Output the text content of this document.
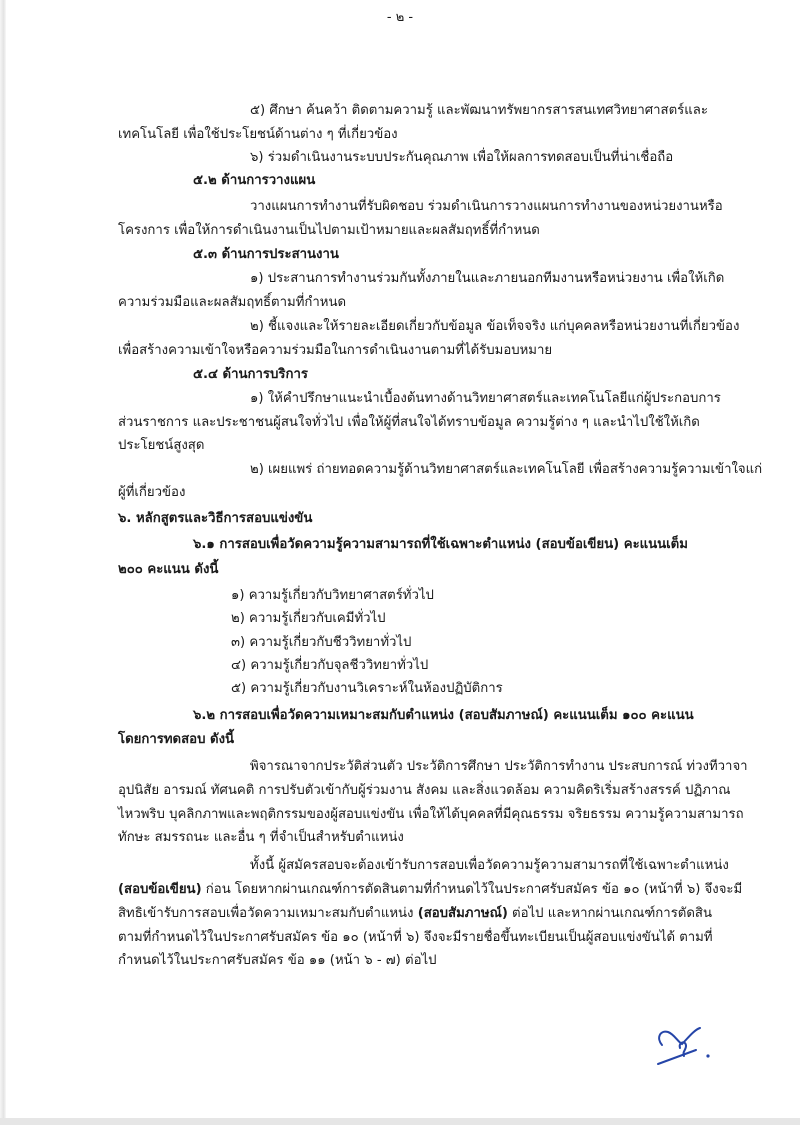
- ๒ -
๕) ศึกษา ค้นคว้า ติดตามความรู้ และพัฒนาทรัพยากรสารสนเทศวิทยาศาสตร์และ
เทคโนโลยี เพื่อใช้ประโยชน์ด้านต่าง ๆ ที่เกี่ยวข้อง
๖) ร่วมดำเนินงานระบบประกันคุณภาพ เพื่อให้ผลการทดสอบเป็นที่น่าเชื่อถือ
๕.๒ ด้านการวางแผน
วางแผนการทำงานที่รับผิดชอบ ร่วมดำเนินการวางแผนการทำงานของหน่วยงานหรือ
โครงการ เพื่อให้การดำเนินงานเป็นไปตามเป้าหมายและผลสัมฤทธิ์ที่กำหนด
๕.๓ ด้านการประสานงาน
๑) ประสานการทำงานร่วมกันทั้งภายในและภายนอกทีมงานหรือหน่วยงาน เพื่อให้เกิด
ความร่วมมือและผลสัมฤทธิ์ตามที่กำหนด
๒) ชี้แจงและให้รายละเอียดเกี่ยวกับข้อมูล ข้อเท็จจริง แก่บุคคลหรือหน่วยงานที่เกี่ยวข้อง
เพื่อสร้างความเข้าใจหรือความร่วมมือในการดำเนินงานตามที่ได้รับมอบหมาย
๕.๔ ด้านการบริการ
๑) ให้คำปรึกษาแนะนำเบื้องต้นทางด้านวิทยาศาสตร์และเทคโนโลยีแก่ผู้ประกอบการ
ส่วนราชการ และประชาชนผู้สนใจทั่วไป เพื่อให้ผู้ที่สนใจได้ทราบข้อมูล ความรู้ต่าง ๆ และนำไปใช้ให้เกิด
ประโยชน์สูงสุด
๒) เผยแพร่ ถ่ายทอดความรู้ด้านวิทยาศาสตร์และเทคโนโลยี เพื่อสร้างความรู้ความเข้าใจแก่
ผู้ที่เกี่ยวข้อง
๖. หลักสูตรและวิธีการสอบแข่งขัน
๖.๑ การสอบเพื่อวัดความรู้ความสามารถที่ใช้เฉพาะตำแหน่ง (สอบข้อเขียน) คะแนนเต็ม
๒๐๐ คะแนน ดังนี้
๑) ความรู้เกี่ยวกับวิทยาศาสตร์ทั่วไป
๒) ความรู้เกี่ยวกับเคมีทั่วไป
๓) ความรู้เกี่ยวกับชีววิทยาทั่วไป
๔) ความรู้เกี่ยวกับจุลชีววิทยาทั่วไป
๕) ความรู้เกี่ยวกับงานวิเคราะห์ในห้องปฏิบัติการ
๖.๒ การสอบเพื่อวัดความเหมาะสมกับตำแหน่ง (สอบสัมภาษณ์) คะแนนเต็ม ๑๐๐ คะแนน
โดยการทดสอบ ดังนี้
พิจารณาจากประวัติส่วนตัว ประวัติการศึกษา ประวัติการทำงาน ประสบการณ์ ท่วงทีวาจา
อุปนิสัย อารมณ์ ทัศนคติ การปรับตัวเข้ากับผู้ร่วมงาน สังคม และสิ่งแวดล้อม ความคิดริเริ่มสร้างสรรค์ ปฏิภาณ
ไหวพริบ บุคลิกภาพและพฤติกรรมของผู้สอบแข่งขัน เพื่อให้ได้บุคคลที่มีคุณธรรม จริยธรรม ความรู้ความสามารถ
ทักษะ สมรรถนะ และอื่น ๆ ที่จำเป็นสำหรับตำแหน่ง
ทั้งนี้ ผู้สมัครสอบจะต้องเข้ารับการสอบเพื่อวัดความรู้ความสามารถที่ใช้เฉพาะตำแหน่ง
ตามที่กำหนดไว้ในประกาศรับสมัคร ข้อ ๑๐ (หน้าที่ ๖) จึงจะมีรายชื่อขึ้นทะเบียนเป็นผู้สอบแข่งขันได้ ตามที่
กำหนดไว้ในประกาศรับสมัคร ข้อ ๑๑ (หน้า ๖ - ๗) ต่อไป
(สอบข้อเขียน) ก่อน โดยหากผ่านเกณฑ์การตัดสินตามที่กำหนดไว้ในประกาศรับสมัคร ข้อ ๑๐ (หน้าที่ ๖) จึงจะมี
สิทธิเข้ารับการสอบเพื่อวัดความเหมาะสมกับตำแหน่ง (สอบสัมภาษณ์) ต่อไป และหากผ่านเกณฑ์การตัดสิน
